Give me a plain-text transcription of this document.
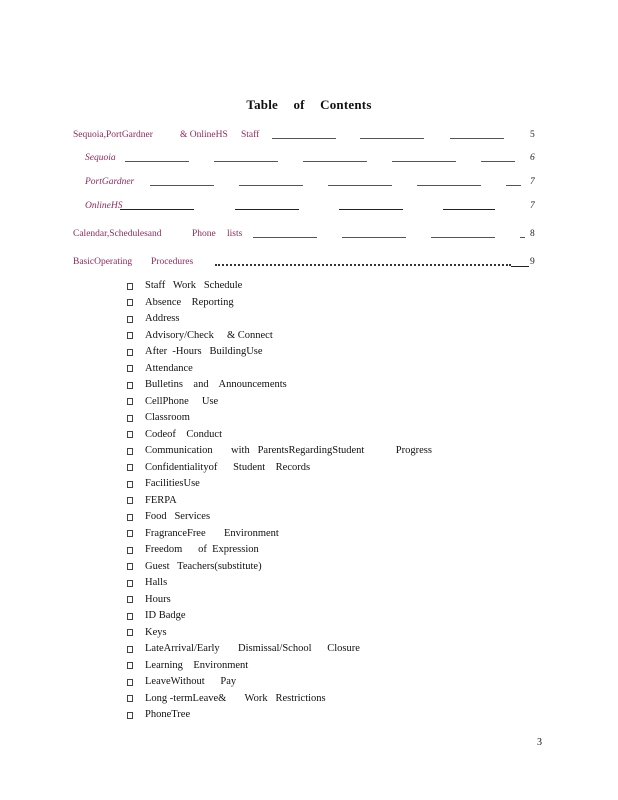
Table of Contents
Sequoia,PortGardner	& OnlineHS Staff	5
Sequoia	6
PortGardner	7
OnlineHS	7
Calendar,Schedulesand	Phone lists	8
BasicOperating Procedures	9
Staff   Work   Schedule
Absence    Reporting
Address
Advisory/Check     & Connect
After  -Hours   BuildingUse
Attendance
Bulletins    and    Announcements
CellPhone     Use
Classroom
Codeof    Conduct
Communication       with   ParentsRegardingStudent            Progress
Confidentialityof      Student    Records
FacilitiesUse
FERPA
Food   Services
FragranceFree       Environment
Freedom      of  Expression
Guest   Teachers(substitute)
Halls
Hours
ID Badge
Keys
LateArrival/Early       Dismissal/School      Closure
Learning    Environment
LeaveWithout      Pay
Long -termLeave&       Work   Restrictions
PhoneTree
3
